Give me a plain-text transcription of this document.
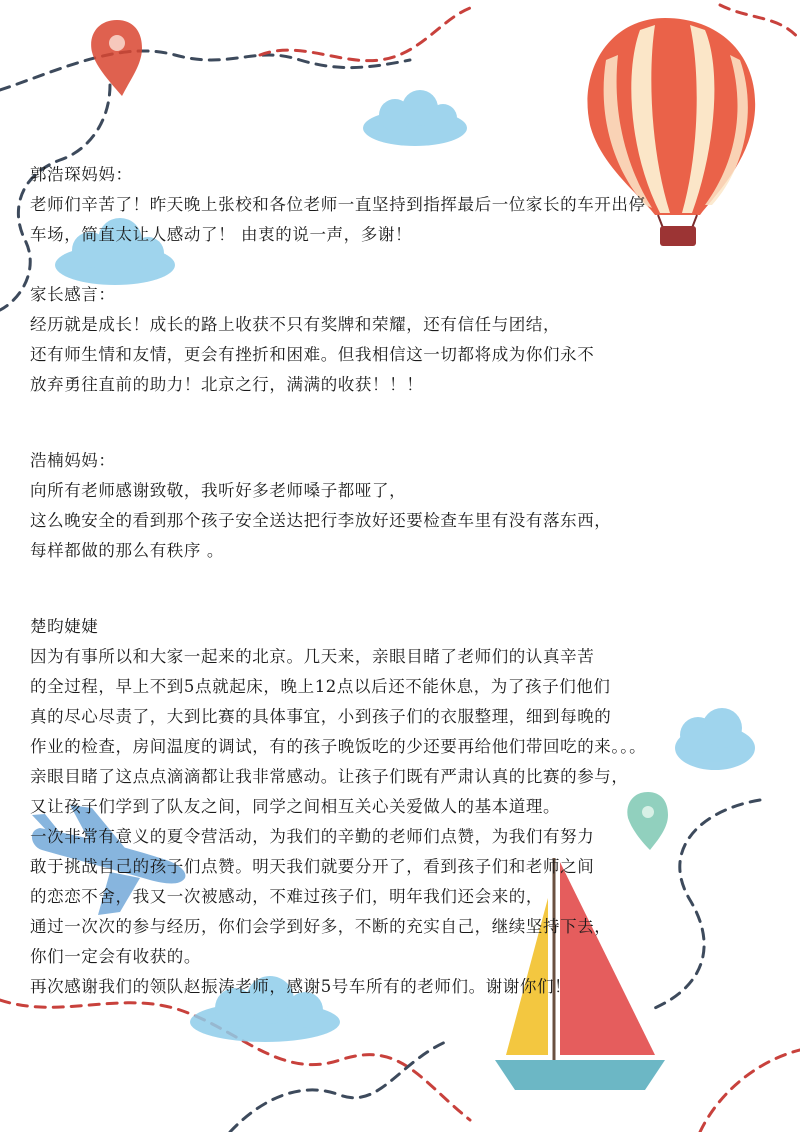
郭浩琛妈妈：

老师们辛苦了！昨天晚上张校和各位老师一直坚持到指挥最后一位家长的车开出停

车场，简直太让人感动了！ 由衷的说一声，多谢！

家长感言：

经历就是成长！成长的路上收获不只有奖牌和荣耀，还有信任与团结，

还有师生情和友情，更会有挫折和困难。但我相信这一切都将成为你们永不

放弃勇往直前的助力！北京之行，满满的收获！！！

浩楠妈妈：

向所有老师感谢致敬，我听好多老师嗓子都哑了，

这么晚安全的看到那个孩子安全送达把行李放好还要检查车里有没有落东西，

每样都做的那么有秩序 。

楚昀婕婕

因为有事所以和大家一起来的北京。几天来，亲眼目睹了老师们的认真辛苦

的全过程，早上不到5点就起床，晚上12点以后还不能休息，为了孩子们他们

真的尽心尽责了，大到比赛的具体事宜，小到孩子们的衣服整理，细到每晚的

作业的检查，房间温度的调试，有的孩子晚饭吃的少还要再给他们带回吃的来。。。

亲眼目睹了这点点滴滴都让我非常感动。让孩子们既有严肃认真的比赛的参与，

又让孩子们学到了队友之间，同学之间相互关心关爱做人的基本道理。

一次非常有意义的夏令营活动，为我们的辛勤的老师们点赞，为我们有努力

敢于挑战自己的孩子们点赞。明天我们就要分开了，看到孩子们和老师之间

的恋恋不舍，我又一次被感动，不难过孩子们，明年我们还会来的，

通过一次次的参与经历，你们会学到好多，不断的充实自己，继续坚持下去，

你们一定会有收获的。

再次感谢我们的领队赵振涛老师，感谢5号车所有的老师们。谢谢你们！
